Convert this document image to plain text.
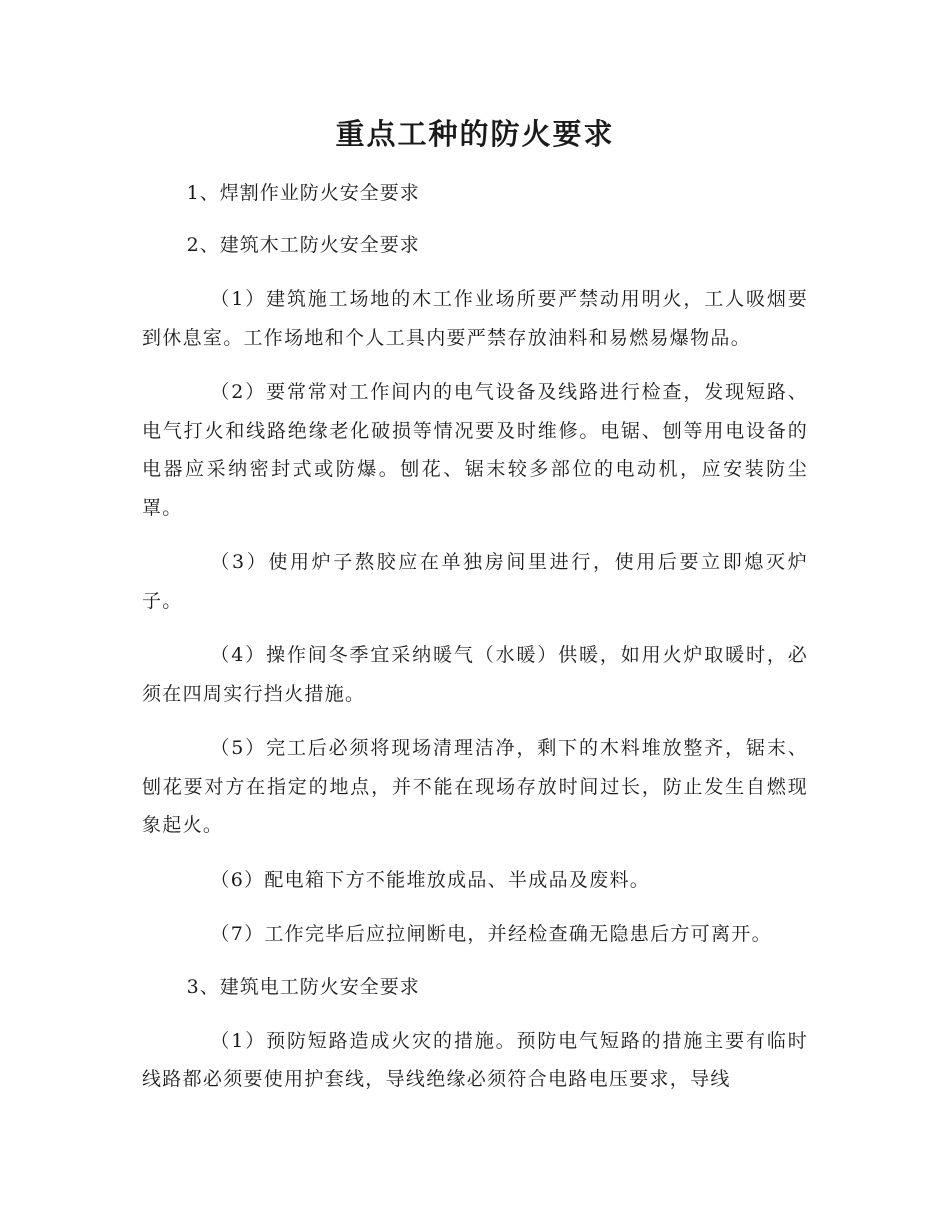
重点工种的防火要求

1、焊割作业防火安全要求

2、建筑木工防火安全要求

（1）建筑施工场地的木工作业场所要严禁动用明火，工人吸烟要到休息室。工作场地和个人工具内要严禁存放油料和易燃易爆物品。

（2）要常常对工作间内的电气设备及线路进行检查，发现短路、电气打火和线路绝缘老化破损等情况要及时维修。电锯、刨等用电设备的电器应采纳密封式或防爆。刨花、锯末较多部位的电动机，应安装防尘罩。

（3）使用炉子熬胶应在单独房间里进行，使用后要立即熄灭炉子。

（4）操作间冬季宜采纳暖气（水暖）供暖，如用火炉取暖时，必须在四周实行挡火措施。

（5）完工后必须将现场清理洁净，剩下的木料堆放整齐，锯末、刨花要对方在指定的地点，并不能在现场存放时间过长，防止发生自燃现象起火。

（6）配电箱下方不能堆放成品、半成品及废料。

（7）工作完毕后应拉闸断电，并经检查确无隐患后方可离开。

3、建筑电工防火安全要求

（1）预防短路造成火灾的措施。预防电气短路的措施主要有临时线路都必须要使用护套线，导线绝缘必须符合电路电压要求，导线
